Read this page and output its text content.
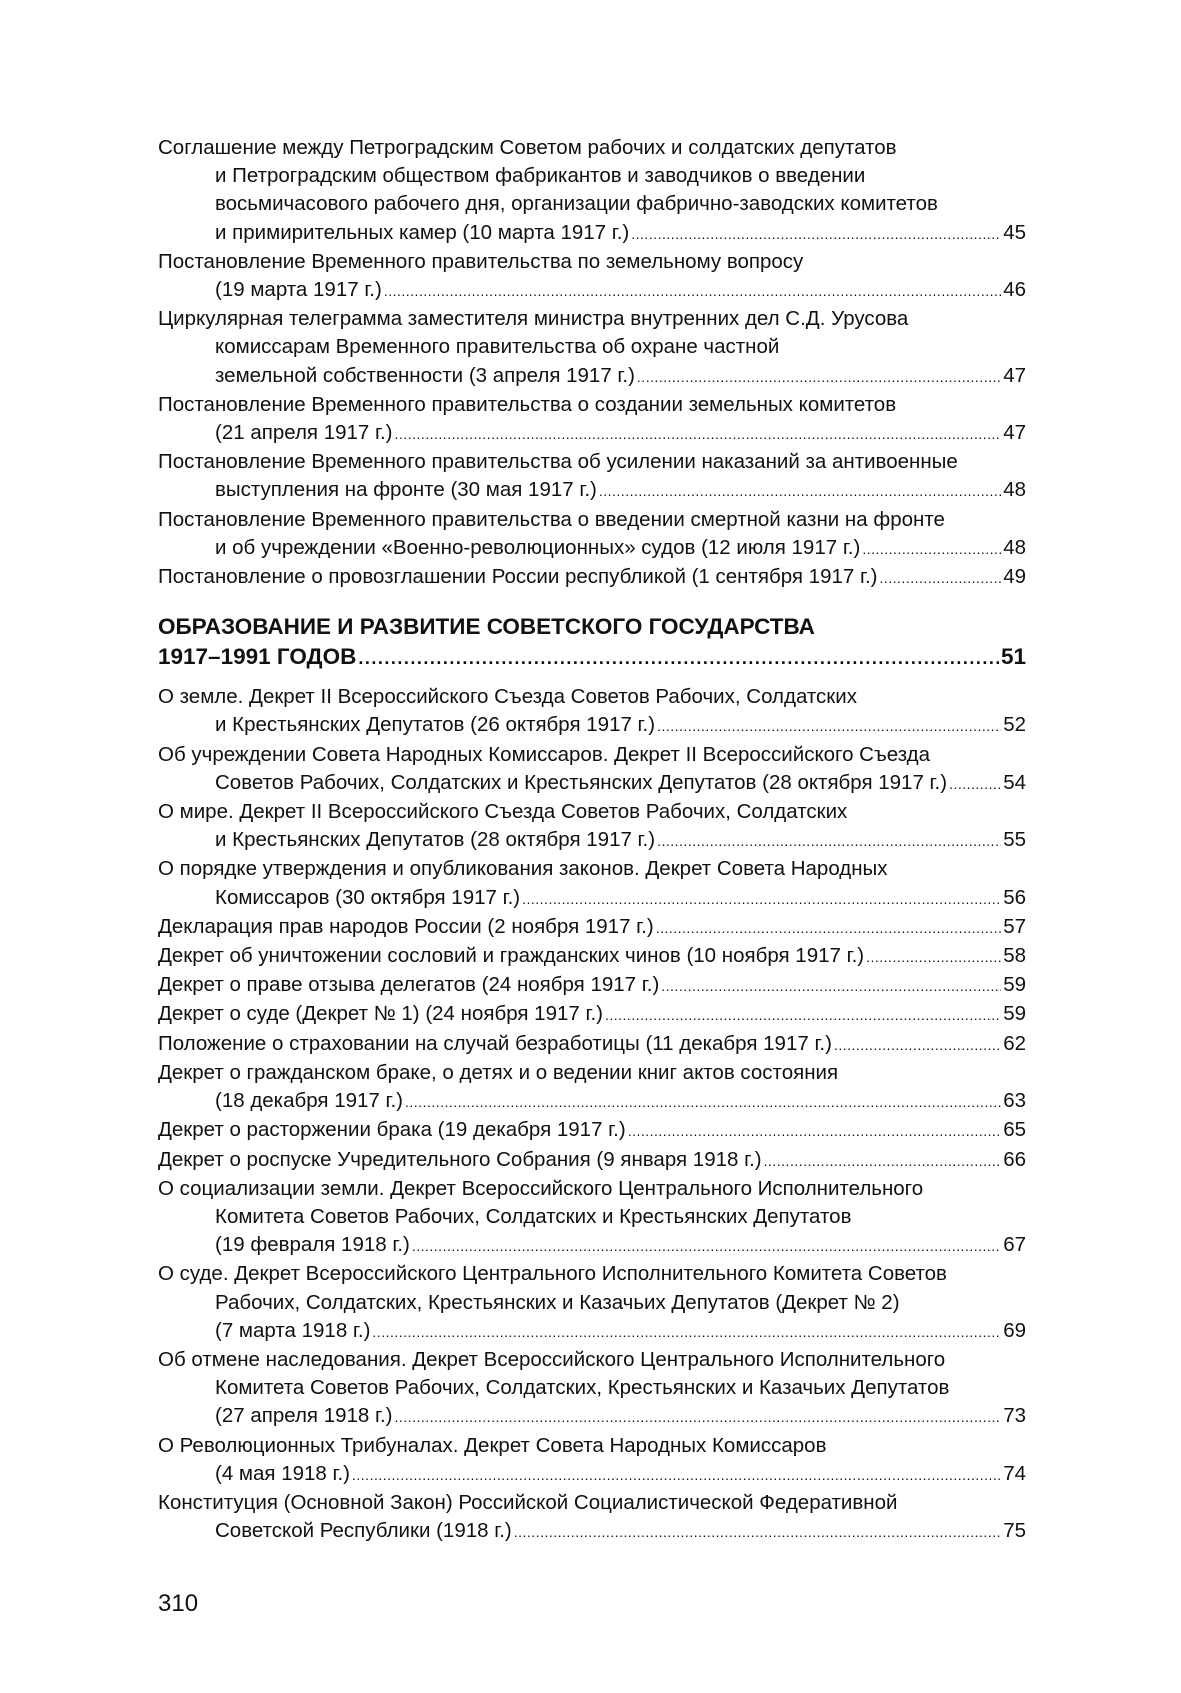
Соглашение между Петроградским Советом рабочих и солдатских депутатов
и Петроградским обществом фабрикантов и заводчиков о введении
восьмичасового рабочего дня, организации фабрично-заводских комитетов
и примирительных камер (10 марта 1917 г.) .....	45
Постановление Временного правительства по земельному вопросу
(19 марта 1917 г.) .....	46
Циркулярная телеграмма заместителя министра внутренних дел С.Д. Урусова
комиссарам Временного правительства об охране частной
земельной собственности (3 апреля 1917 г.) .....	47
Постановление Временного правительства о создании земельных комитетов
(21 апреля 1917 г.) .....	47
Постановление Временного правительства об усилении наказаний за антивоенные
выступления на фронте (30 мая 1917 г.) .....	48
Постановление Временного правительства о введении смертной казни на фронте
и об учреждении «Военно-революционных» судов (12 июля 1917 г.) .....	48
Постановление о провозглашении России республикой (1 сентября 1917 г.) .....	49
ОБРАЗОВАНИЕ И РАЗВИТИЕ СОВЕТСКОГО ГОСУДАРСТВА
1917–1991 ГОДОВ .....	51
О земле. Декрет II Всероссийского Съезда Советов Рабочих, Солдатских
и Крестьянских Депутатов (26 октября 1917 г.) .....	52
Об учреждении Совета Народных Комиссаров. Декрет II Всероссийского Съезда
Советов Рабочих, Солдатских и Крестьянских Депутатов (28 октября 1917 г.) .....	54
О мире. Декрет II Всероссийского Съезда Советов Рабочих, Солдатских
и Крестьянских Депутатов (28 октября 1917 г.) .....	55
О порядке утверждения и опубликования законов. Декрет Совета Народных
Комиссаров (30 октября 1917 г.) .....	56
Декларация прав народов России (2 ноября 1917 г.) .....	57
Декрет об уничтожении сословий и гражданских чинов (10 ноября 1917 г.) .....	58
Декрет о праве отзыва делегатов (24 ноября 1917 г.) .....	59
Декрет о суде (Декрет № 1) (24 ноября 1917 г.) .....	59
Положение о страховании на случай безработицы (11 декабря 1917 г.) .....	62
Декрет о гражданском браке, о детях и о ведении книг актов состояния
(18 декабря 1917 г.) .....	63
Декрет о расторжении брака (19 декабря 1917 г.) .....	65
Декрет о роспуске Учредительного Собрания (9 января 1918 г.) .....	66
О социализации земли. Декрет Всероссийского Центрального Исполнительного
Комитета Советов Рабочих, Солдатских и Крестьянских Депутатов
(19 февраля 1918 г.) .....	67
О суде. Декрет Всероссийского Центрального Исполнительного Комитета Советов
Рабочих, Солдатских, Крестьянских и Казачьих Депутатов (Декрет № 2)
(7 марта 1918 г.) .....	69
Об отмене наследования. Декрет Всероссийского Центрального Исполнительного
Комитета Советов Рабочих, Солдатских, Крестьянских и Казачьих Депутатов
(27 апреля 1918 г.) .....	73
О Революционных Трибуналах. Декрет Совета Народных Комиссаров
(4 мая 1918 г.) .....	74
Конституция (Основной Закон) Российской Социалистической Федеративной
Советской Республики (1918 г.) .....	75
310
